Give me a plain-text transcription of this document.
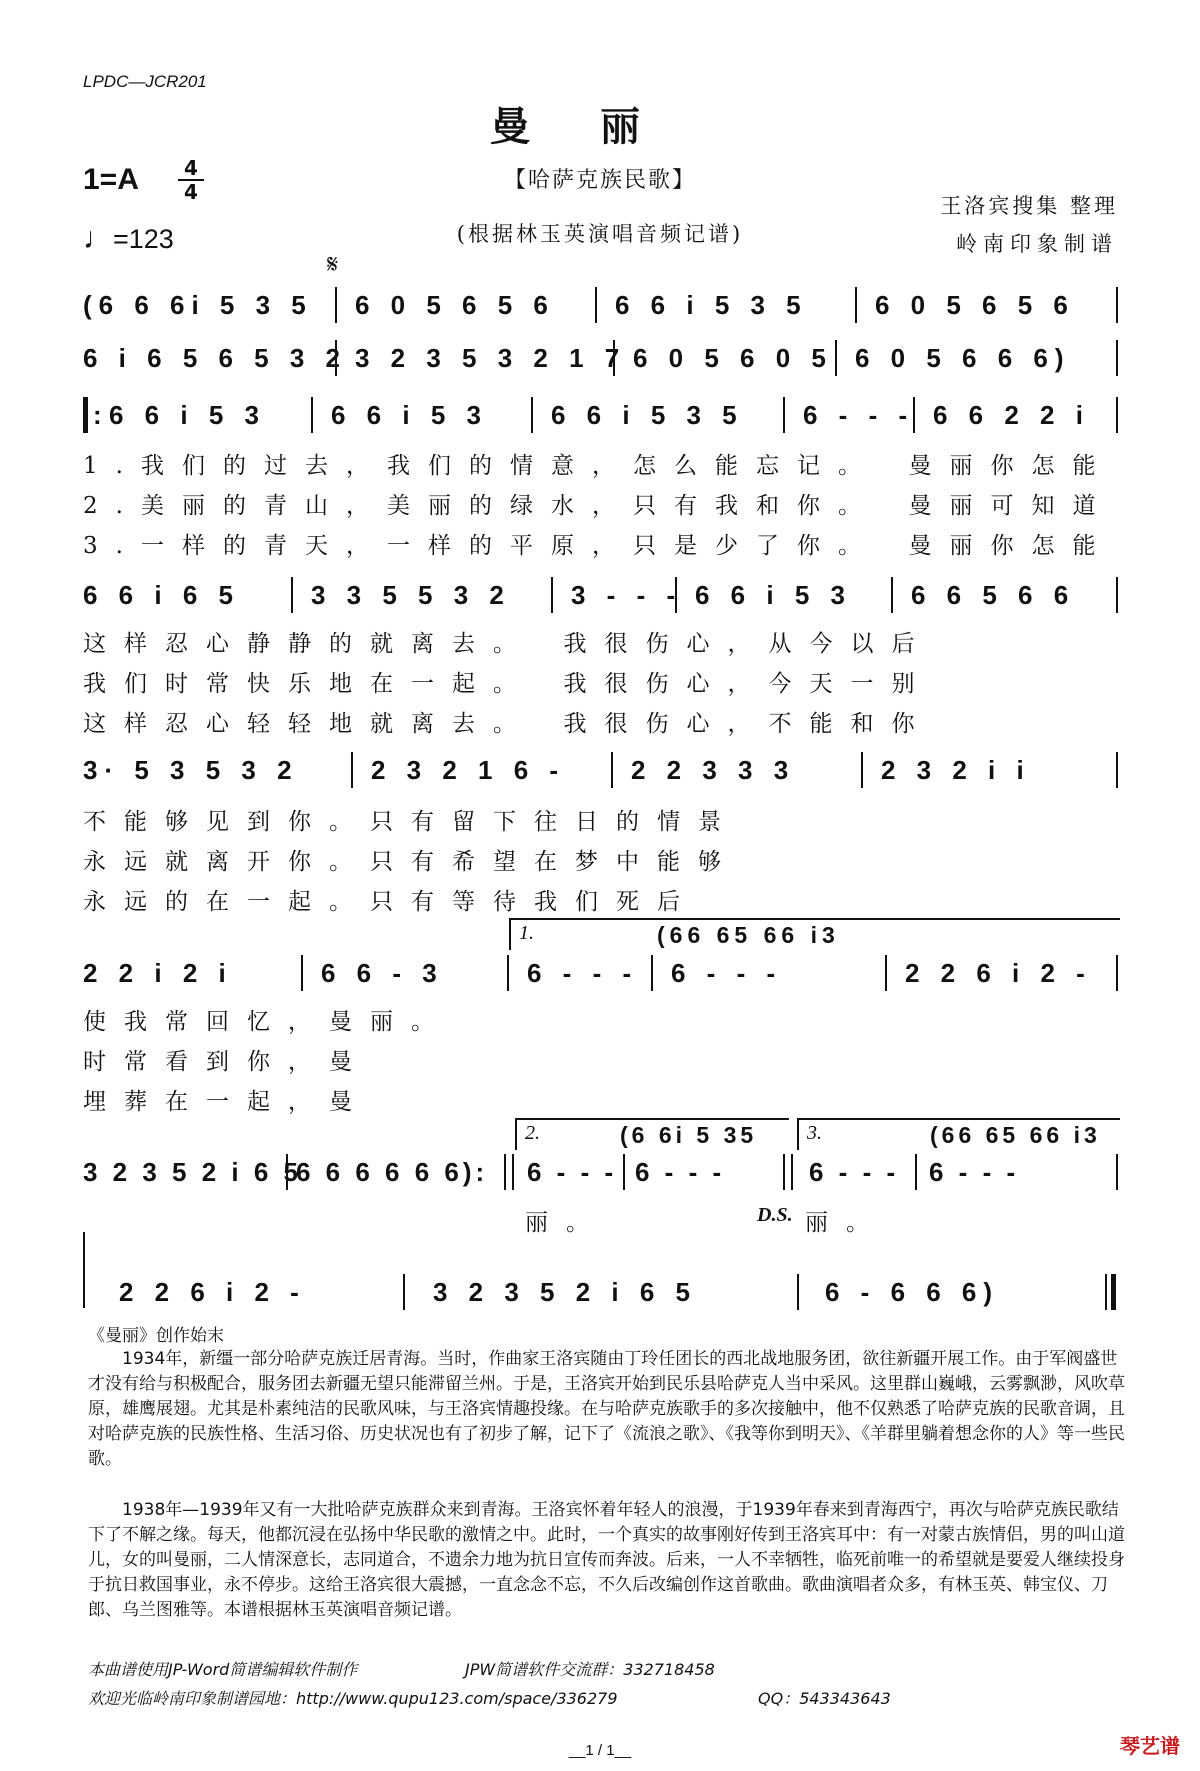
LPDC—JCR201
曼丽
1=A	4
4
♩=123
【哈萨克族民歌】
(根据林玉英演唱音频记谱)
王洛宾搜集 整理
岭南印象制谱
𝄋
(6 6 6i 5 3 5 6 0 5 6 5 6 6 6 i 5 3 5	6 0 5 6 5 6
6 i 6 5 6 5 3 2 3 2 3 5 3 2 1 7 6 0 5 6 0 5 6 0 5 6 6 6)
: 6 6 i 5 3	6 6 i 5 3 6 6 i 5 3 5 6 - - - 6 6 2 2 i
1.我们的过去，我们的情意，怎么能忘记。　曼丽你怎能
2.美丽的青山，美丽的绿水，只有我和你。　曼丽可知道
3.一样的青天，一样的平原，只是少了你。　曼丽你怎能
6 6 i 6 5	3 3 5 5 3 2 3 - - - 6 6 i 5 3 6 6 5 6 6
这样忍心静静的就离去。　我很伤心，从今以后
我们时常快乐地在一起。　我很伤心，今天一别
这样忍心轻轻地就离去。　我很伤心，不能和你
3· 5 3 5 3 2	2 3 2 1 6 -	2 2 3 3 3	2 3 2 i i
不能够见到你。只有留下往日的情景
永远就离开你。只有希望在梦中能够
永远的在一起。只有等待我们死后
1.	(66 65 66 i3
2 2 i 2 i	6 6 - 3	6 - - - 6 - - -	2 2 6 i 2 -
使我常回忆，曼丽。
时常看到你，曼
埋葬在一起，曼
2.	3.
(6 6i 5 35	(66 65 66 i3
3 2 3 5 2 i 6 5
6 6 6 6 6 6): 6 - - - 6 - - -	6 - - - 6 - - -
丽。	D.S. 丽。
2 2 6 i 2 -	3 2 3 5 2 i 6 5	6 - 6 6 6)
《曼丽》创作始末
1934年，新缰一部分哈萨克族迁居青海。当时，作曲家王洛宾随由丁玲任团长的西北战地服务团，欲往新疆开展工作。由于军阀盛世才没有给与积极配合，服务团去新疆无望只能滞留兰州。于是，王洛宾开始到民乐县哈萨克人当中采风。这里群山巍峨，云雾飘渺，风吹草原，雄鹰展翅。尤其是朴素纯洁的民歌风味，与王洛宾情趣投缘。在与哈萨克族歌手的多次接触中，他不仅熟悉了哈萨克族的民歌音调，且对哈萨克族的民族性格、生活习俗、历史状况也有了初步了解，记下了《流浪之歌》、《我等你到明天》、《羊群里躺着想念你的人》等一些民歌。
1938年—1939年又有一大批哈萨克族群众来到青海。王洛宾怀着年轻人的浪漫，于1939年春来到青海西宁，再次与哈萨克族民歌结下了不解之缘。每天，他都沉浸在弘扬中华民歌的激情之中。此时，一个真实的故事刚好传到王洛宾耳中：有一对蒙古族情侣，男的叫山道儿，女的叫曼丽，二人情深意长，志同道合，不遗余力地为抗日宣传而奔波。后来，一人不幸牺牲，临死前唯一的希望就是要爱人继续投身于抗日救国事业，永不停步。这给王洛宾很大震撼，一直念念不忘，不久后改编创作这首歌曲。歌曲演唱者众多，有林玉英、韩宝仪、刀郎、乌兰图雅等。本谱根据林玉英演唱音频记谱。
本曲谱使用JP-Word简谱编辑软件制作	JPW简谱软件交流群：332718458
欢迎光临岭南印象制谱园地：http://www.qupu123.com/space/336279	QQ：543343643
__1 / 1__	琴艺谱
